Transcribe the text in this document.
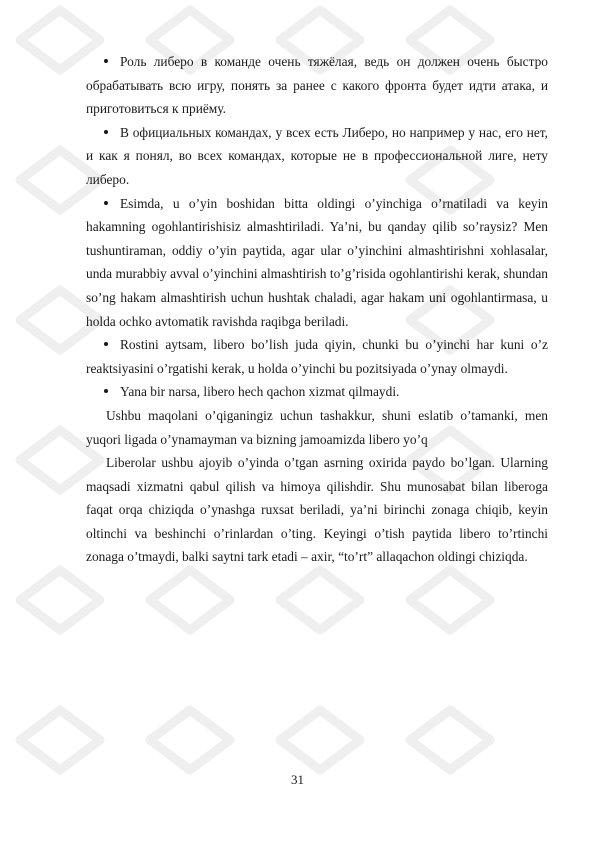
Роль либеро в команде очень тяжёлая, ведь он должен очень быстро обрабатывать всю игру, понять за ранее с какого фронта будет идти атака, и приготовиться к приёму.

В официальных командах, у всех есть Либеро, но например у нас, его нет, и как я понял, во всех командах, которые не в профессиональной лиге, нету либеро.

Esimda, u o’yin boshidan bitta oldingi o’yinchiga o’rnatiladi va keyin hakamning ogohlantirishisiz almashtiriladi. Ya’ni, bu qanday qilib so’raysiz? Men tushuntiraman, oddiy o’yin paytida, agar ular o’yinchini almashtirishni xohlasalar, unda murabbiy avval o’yinchini almashtirish to’g’risida ogohlantirishi kerak, shundan so’ng hakam almashtirish uchun hushtak chaladi, agar hakam uni ogohlantirmasa, u holda ochko avtomatik ravishda raqibga beriladi.

Rostini aytsam, libero bo’lish juda qiyin, chunki bu o’yinchi har kuni o’z reaktsiyasini o’rgatishi kerak, u holda o’yinchi bu pozitsiyada o’ynay olmaydi.

Yana bir narsa, libero hech qachon xizmat qilmaydi.

Ushbu maqolani o’qiganingiz uchun tashakkur, shuni eslatib o’tamanki, men yuqori ligada o’ynamayman va bizning jamoamizda libero yo’q

Liberolar ushbu ajoyib o’yinda o’tgan asrning oxirida paydo bo’lgan. Ularning maqsadi xizmatni qabul qilish va himoya qilishdir. Shu munosabat bilan liberoga faqat orqa chiziqda o’ynashga ruxsat beriladi, ya’ni birinchi zonaga chiqib, keyin oltinchi va beshinchi o’rinlardan o’ting. Keyingi o’tish paytida libero to’rtinchi zonaga o’tmaydi, balki saytni tark etadi – axir, “to’rt” allaqachon oldingi chiziqda.

31
